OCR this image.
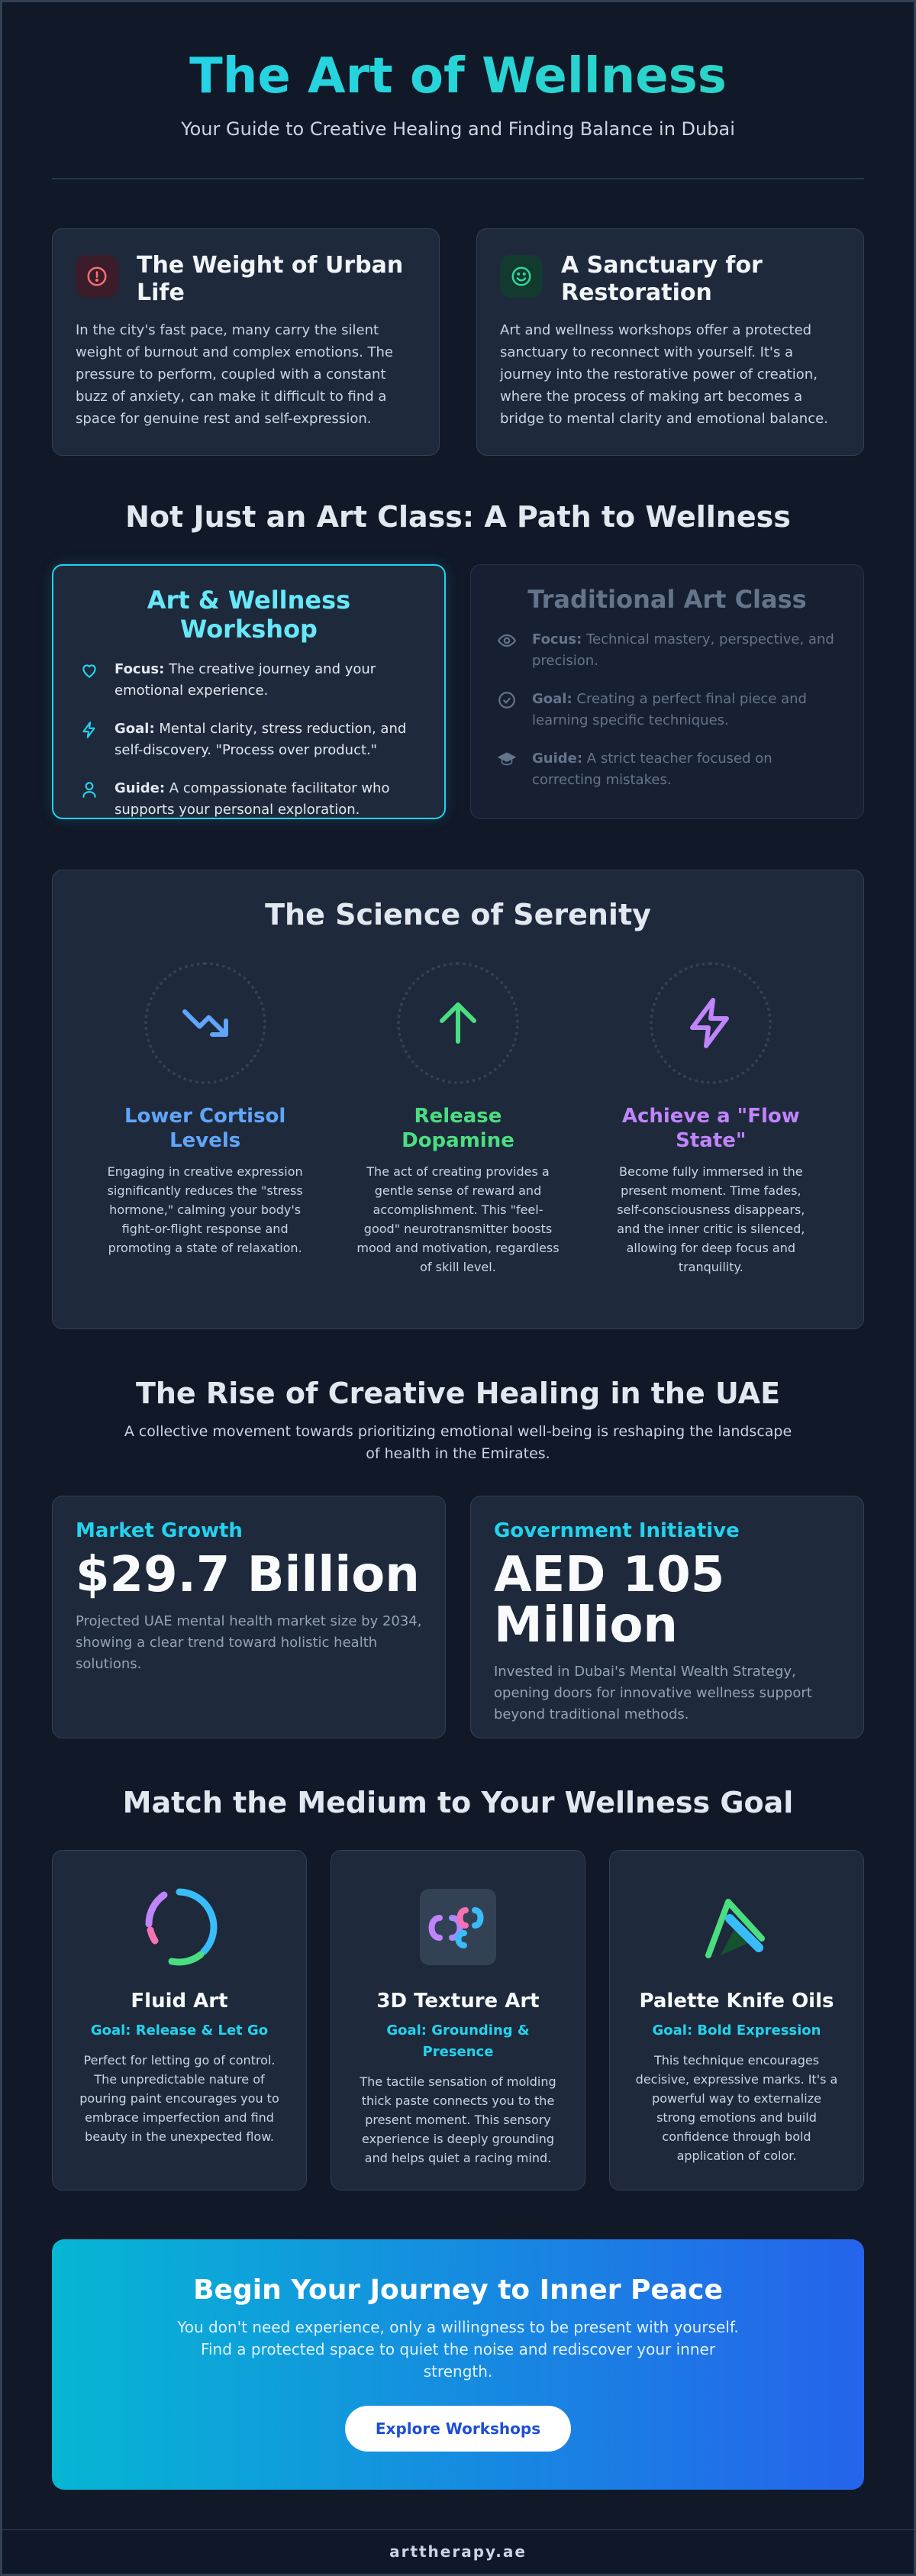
The Art of Wellness

Your Guide to Creative Healing and Finding Balance in Dubai

The Weight of Urban Life

In the city's fast pace, many carry the silent weight of burnout and complex emotions. The pressure to perform, coupled with a constant buzz of anxiety, can make it difficult to find a space for genuine rest and self-expression.

A Sanctuary for Restoration

Art and wellness workshops offer a protected sanctuary to reconnect with yourself. It's a journey into the restorative power of creation, where the process of making art becomes a bridge to mental clarity and emotional balance.

Not Just an Art Class: A Path to Wellness
Art & Wellness Workshop

Focus: The creative journey and your emotional experience.

Goal: Mental clarity, stress reduction, and self-discovery. "Process over product."

Guide: A compassionate facilitator who supports your personal exploration.

Traditional Art Class

Focus: Technical mastery, perspective, and precision.

Goal: Creating a perfect final piece and learning specific techniques.

Guide: A strict teacher focused on correcting mistakes.

The Science of Serenity
Lower Cortisol Levels

Engaging in creative expression significantly reduces the "stress hormone," calming your body's fight-or-flight response and promoting a state of relaxation.

Release Dopamine

The act of creating provides a gentle sense of reward and accomplishment. This "feel-good" neurotransmitter boosts mood and motivation, regardless of skill level.

Achieve a "Flow State"

Become fully immersed in the present moment. Time fades, self-consciousness disappears, and the inner critic is silenced, allowing for deep focus and tranquility.

The Rise of Creative Healing in the UAE

A collective movement towards prioritizing emotional well-being is reshaping the landscape of health in the Emirates.

Market Growth
$29.7 Billion

Projected UAE mental health market size by 2034, showing a clear trend toward holistic health solutions.

Government Initiative
AED 105 Million

Invested in Dubai's Mental Wealth Strategy, opening doors for innovative wellness support beyond traditional methods.

Match the Medium to Your Wellness Goal
Fluid Art
Goal: Release & Let Go

Perfect for letting go of control. The unpredictable nature of pouring paint encourages you to embrace imperfection and find beauty in the unexpected flow.

3D Texture Art
Goal: Grounding & Presence

The tactile sensation of molding thick paste connects you to the present moment. This sensory experience is deeply grounding and helps quiet a racing mind.

Palette Knife Oils
Goal: Bold Expression

This technique encourages decisive, expressive marks. It's a powerful way to externalize strong emotions and build confidence through bold application of color.

Begin Your Journey to Inner Peace

You don't need experience, only a willingness to be present with yourself. Find a protected space to quiet the noise and rediscover your inner strength.

Explore Workshops
arttherapy.ae
